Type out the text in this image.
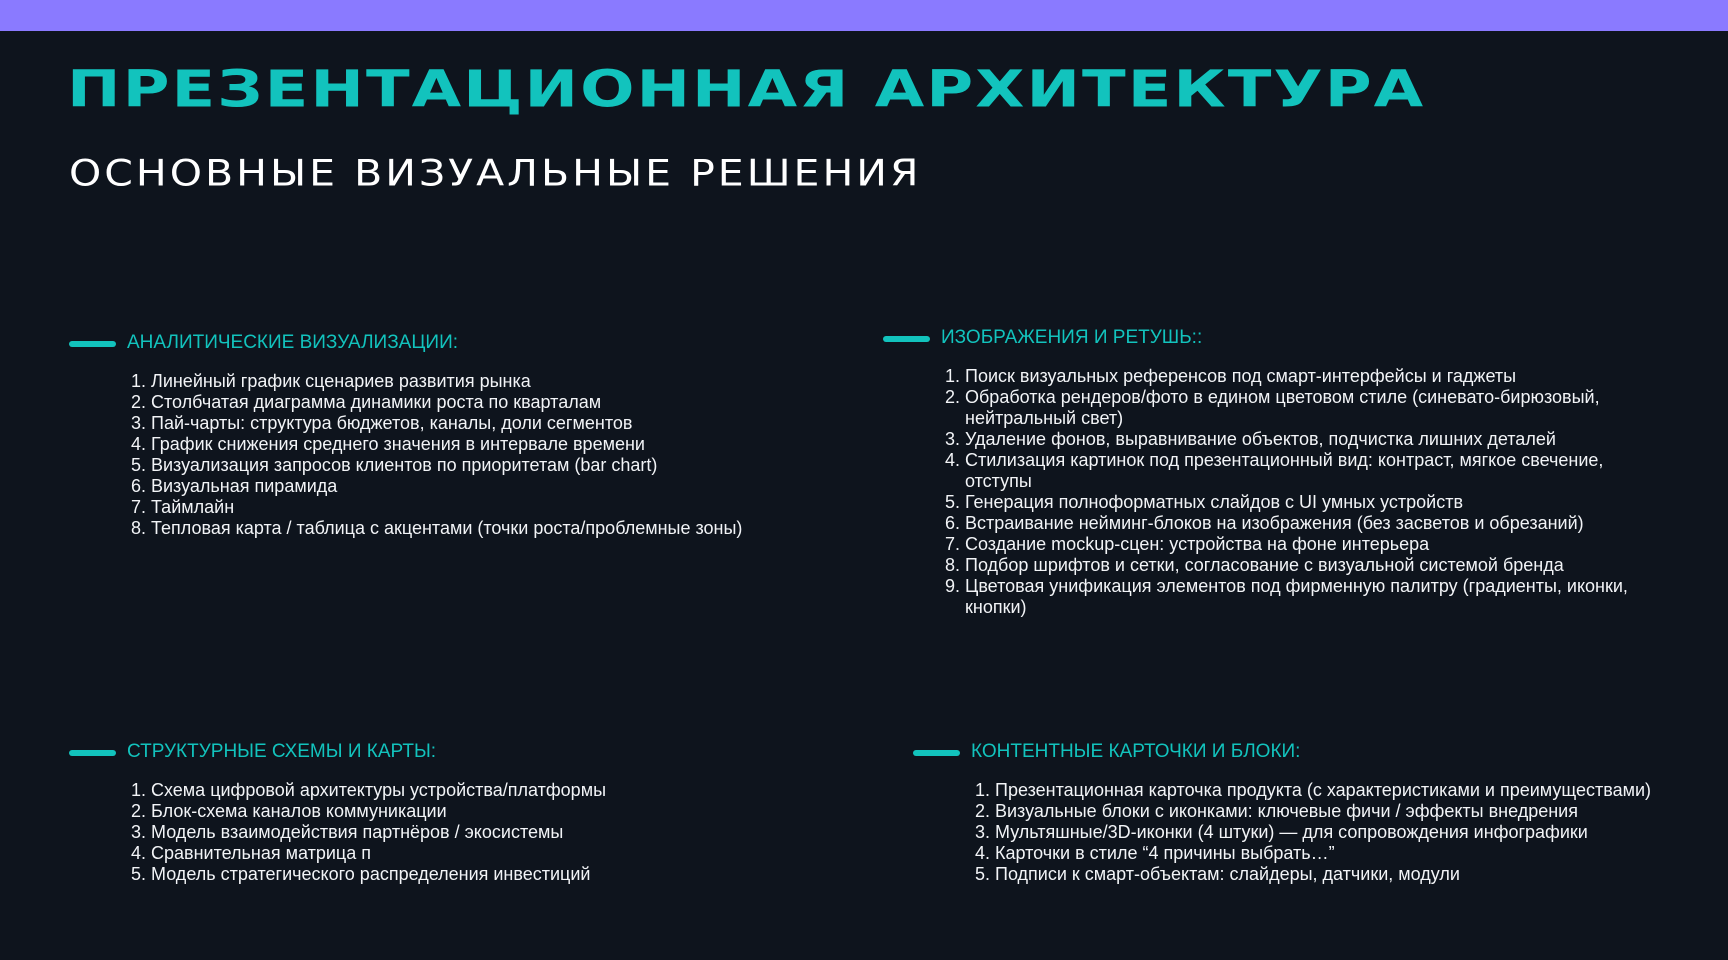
ПРЕЗЕНТАЦИОННАЯ АРХИТЕКТУРА
ОСНОВНЫЕ ВИЗУАЛЬНЫЕ РЕШЕНИЯ
АНАЛИТИЧЕСКИЕ ВИЗУАЛИЗАЦИИ:
1. Линейный график сценариев развития рынка
2. Столбчатая диаграмма динамики роста по кварталам
3. Пай-чарты: структура бюджетов, каналы, доли сегментов
4. График снижения среднего значения в интервале времени
5. Визуализация запросов клиентов по приоритетам (bar chart)
6. Визуальная пирамида
7. Таймлайн
8. Тепловая карта / таблица с акцентами (точки роста/проблемные зоны)
ИЗОБРАЖЕНИЯ И РЕТУШЬ::
1. Поиск визуальных референсов под смарт-интерфейсы и гаджеты
2. Обработка рендеров/фото в едином цветовом стиле (синевато-бирюзовый, нейтральный свет)
3. Удаление фонов, выравнивание объектов, подчистка лишних деталей
4. Стилизация картинок под презентационный вид: контраст, мягкое свечение, отступы
5. Генерация полноформатных слайдов с UI умных устройств
6. Встраивание нейминг-блоков на изображения (без засветов и обрезаний)
7. Создание mockup-сцен: устройства на фоне интерьера
8. Подбор шрифтов и сетки, согласование с визуальной системой бренда
9. Цветовая унификация элементов под фирменную палитру (градиенты, иконки, кнопки)
СТРУКТУРНЫЕ СХЕМЫ И КАРТЫ:
1. Схема цифровой архитектуры устройства/платформы
2. Блок-схема каналов коммуникации
3. Модель взаимодействия партнёров / экосистемы
4. Сравнительная матрица п
5. Модель стратегического распределения инвестиций
КОНТЕНТНЫЕ КАРТОЧКИ И БЛОКИ:
1. Презентационная карточка продукта (с характеристиками и преимуществами)
2. Визуальные блоки с иконками: ключевые фичи / эффекты внедрения
3. Мультяшные/3D-иконки (4 штуки) — для сопровождения инфографики
4. Карточки в стиле “4 причины выбрать…”
5. Подписи к смарт-объектам: слайдеры, датчики, модули
